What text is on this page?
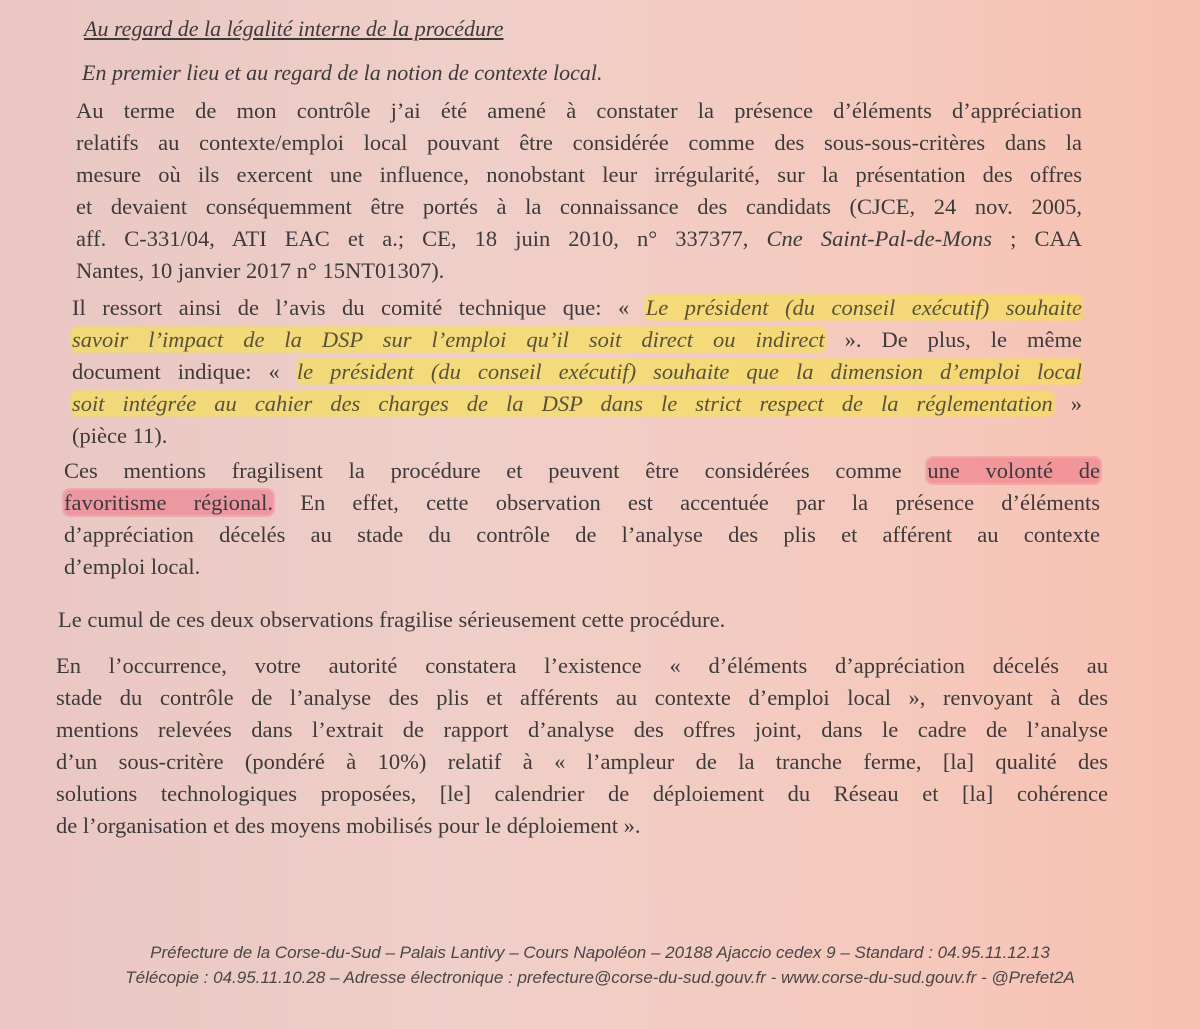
Au regard de la légalité interne de la procédure
En premier lieu et au regard de la notion de contexte local.
Au terme de mon contrôle j’ai été amené à constater la présence d’éléments d’appréciation
relatifs au contexte/emploi local pouvant être considérée comme des sous-sous-critères dans la
mesure où ils exercent une influence, nonobstant leur irrégularité, sur la présentation des offres
et devaient conséquemment être portés à la connaissance des candidats (CJCE, 24 nov. 2005,
aff. C-331/04, ATI EAC et a.; CE, 18 juin 2010, n° 337377, Cne Saint-Pal-de-Mons ; CAA
Nantes, 10 janvier 2017 n° 15NT01307).
Il ressort ainsi de l’avis du comité technique que: « Le président (du conseil exécutif) souhaite
savoir l’impact de la DSP sur l’emploi qu’il soit direct ou indirect ». De plus, le même
document indique: « le président (du conseil exécutif) souhaite que la dimension d’emploi local
soit intégrée au cahier des charges de la DSP dans le strict respect de la réglementation »
(pièce 11).
Ces mentions fragilisent la procédure et peuvent être considérées comme une volonté de
favoritisme régional. En effet, cette observation est accentuée par la présence d’éléments
d’appréciation décelés au stade du contrôle de l’analyse des plis et afférent au contexte
d’emploi local.
Le cumul de ces deux observations fragilise sérieusement cette procédure.
En l’occurrence, votre autorité constatera l’existence « d’éléments d’appréciation décelés au
stade du contrôle de l’analyse des plis et afférents au contexte d’emploi local », renvoyant à des
mentions relevées dans l’extrait de rapport d’analyse des offres joint, dans le cadre de l’analyse
d’un sous-critère (pondéré à 10%) relatif à « l’ampleur de la tranche ferme, [la] qualité des
solutions technologiques proposées, [le] calendrier de déploiement du Réseau et [la] cohérence
de l’organisation et des moyens mobilisés pour le déploiement ».
Préfecture de la Corse-du-Sud – Palais Lantivy – Cours Napoléon – 20188 Ajaccio cedex 9 – Standard : 04.95.11.12.13
Télécopie : 04.95.11.10.28 – Adresse électronique : prefecture@corse-du-sud.gouv.fr - www.corse-du-sud.gouv.fr - @Prefet2A
